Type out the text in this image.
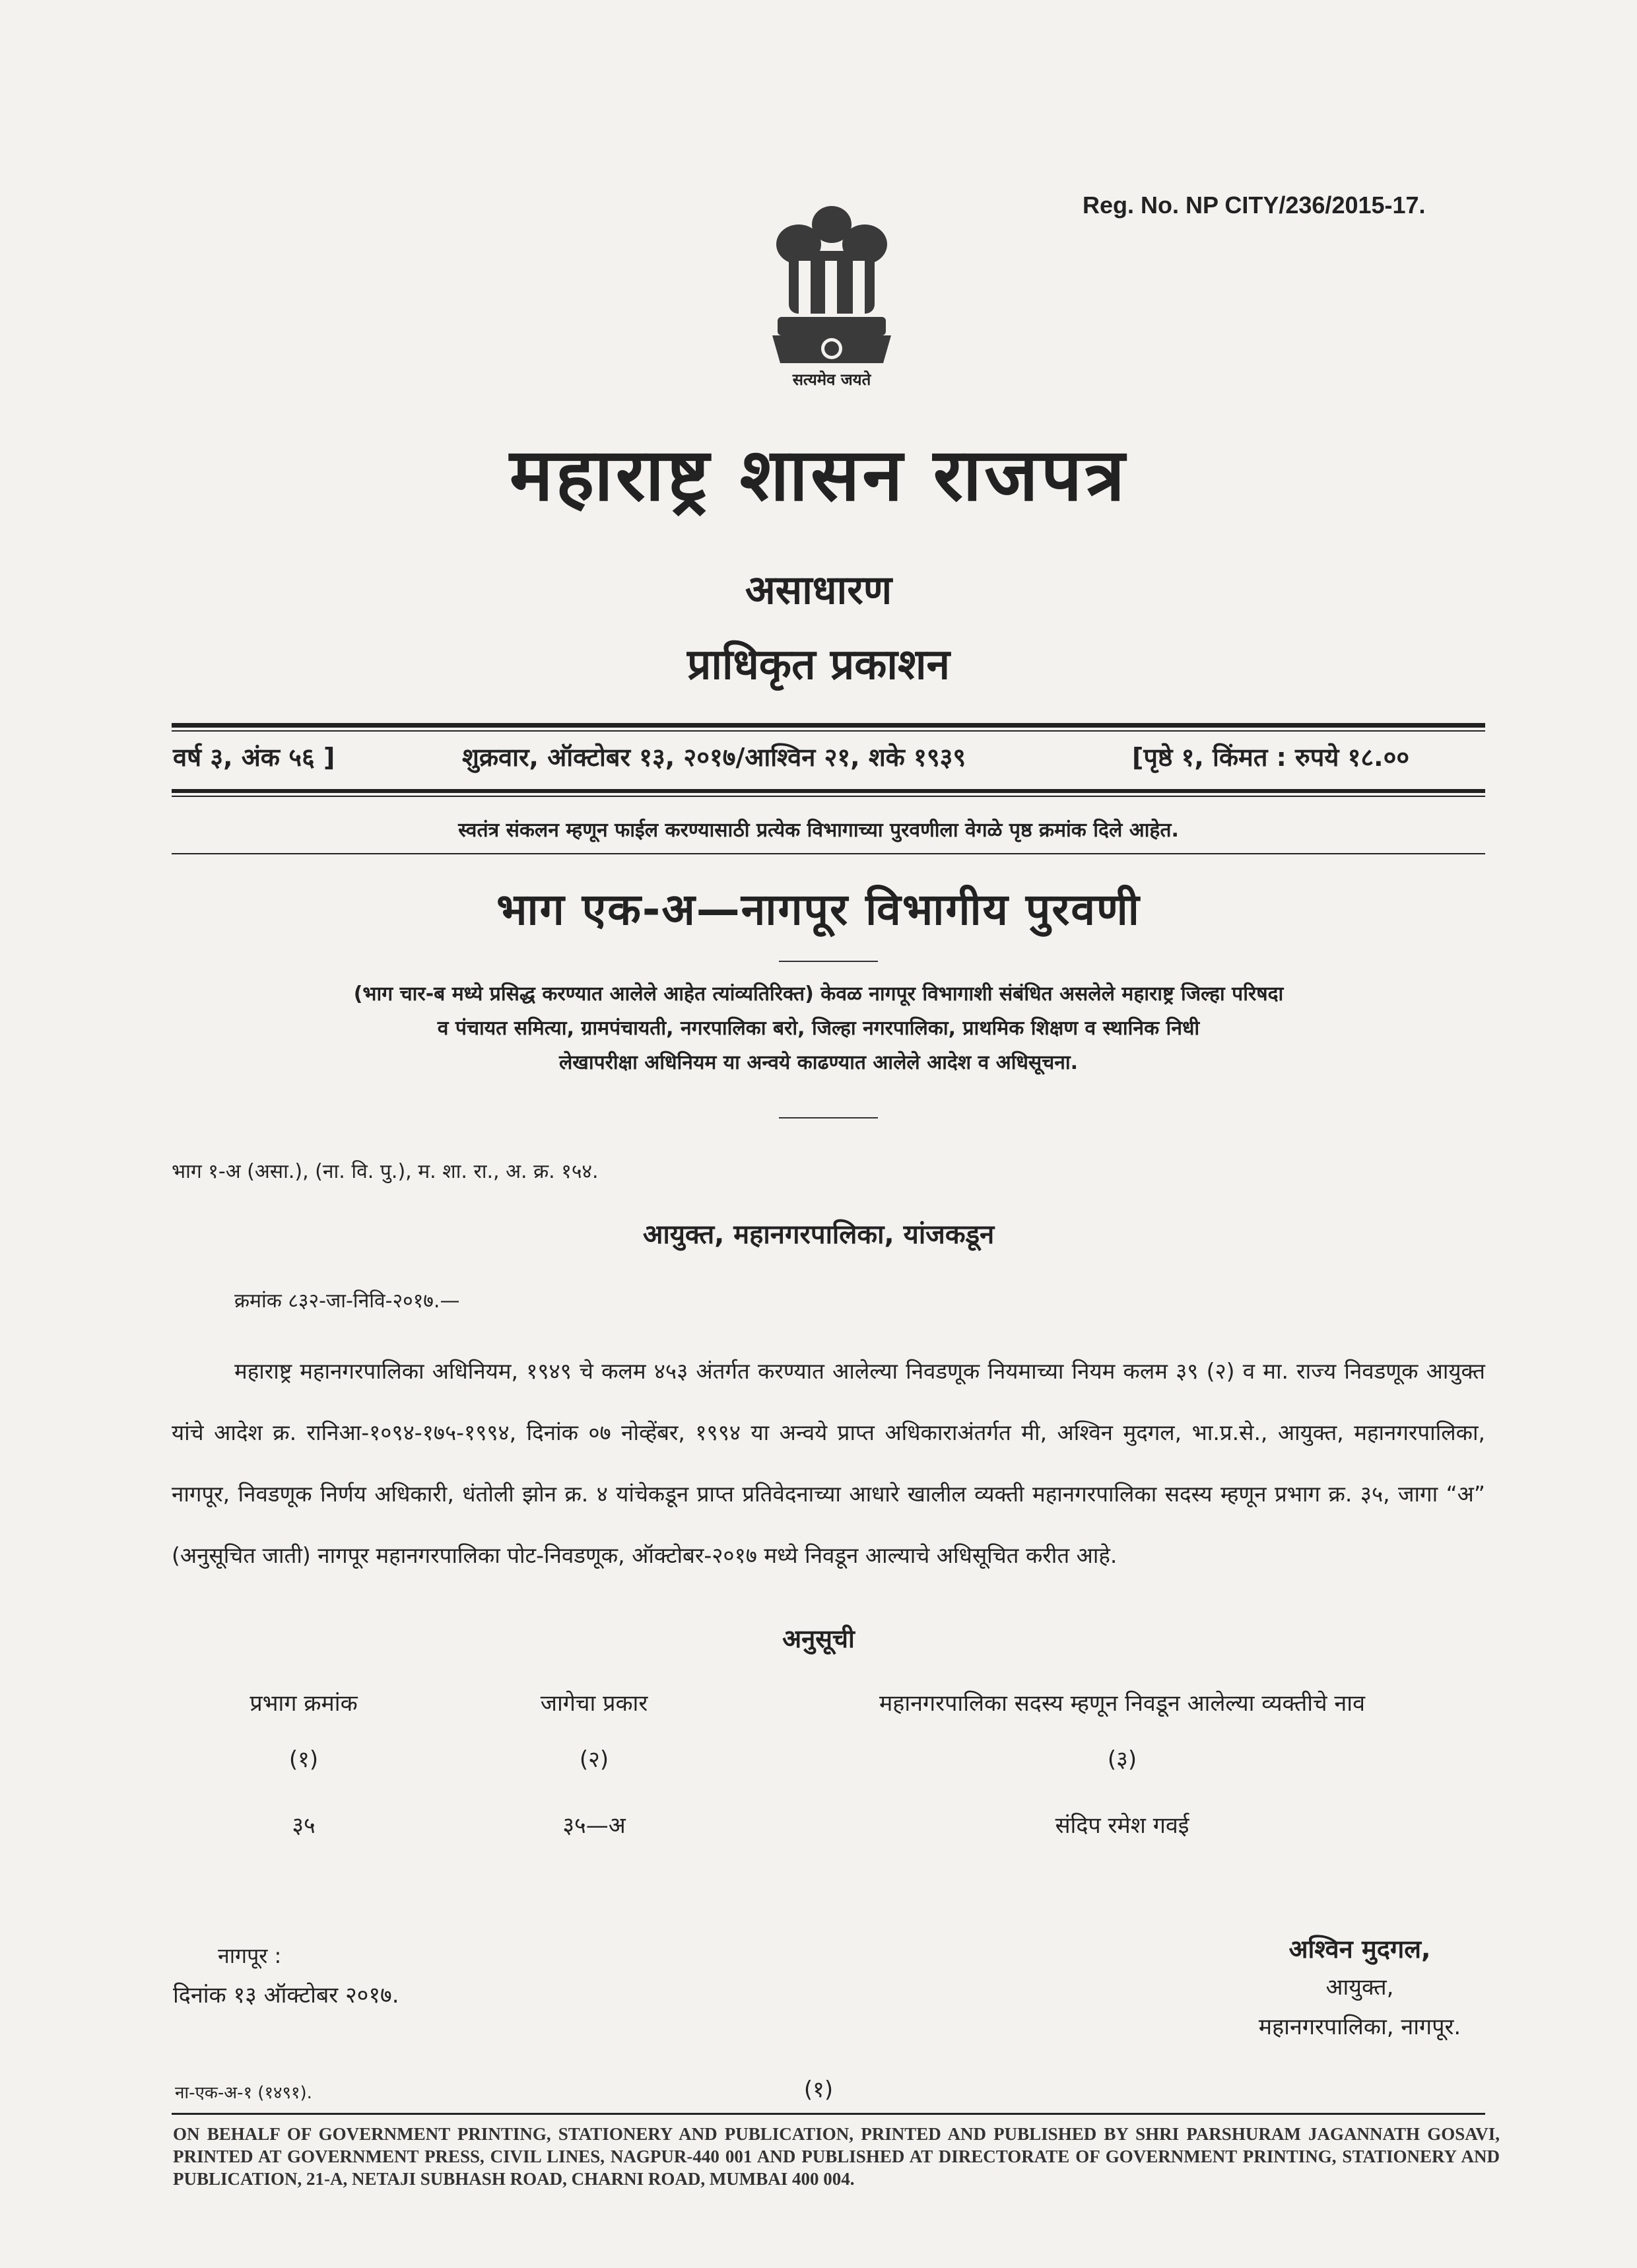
Reg. No. NP CITY/236/2015-17.
सत्यमेव जयते
महाराष्ट्र शासन राजपत्र
असाधारण
प्राधिकृत प्रकाशन
वर्ष ३, अंक ५६ ]	शुक्रवार, ऑक्टोबर १३, २०१७/आश्विन २१, शके १९३९	[पृष्ठे १, किंमत : रुपये १८.००
स्वतंत्र संकलन म्हणून फाईल करण्यासाठी प्रत्येक विभागाच्या पुरवणीला वेगळे पृष्ठ क्रमांक दिले आहेत.
भाग एक-अ—नागपूर विभागीय पुरवणी
(भाग चार-ब मध्ये प्रसिद्ध करण्यात आलेले आहेत त्यांव्यतिरिक्त) केवळ नागपूर विभागाशी संबंधित असलेले महाराष्ट्र जिल्हा परिषदा
व पंचायत समित्या, ग्रामपंचायती, नगरपालिका बरो, जिल्हा नगरपालिका, प्राथमिक शिक्षण व स्थानिक निधी
लेखापरीक्षा अधिनियम या अन्वये काढण्यात आलेले आदेश व अधिसूचना.
भाग १-अ (असा.), (ना. वि. पु.), म. शा. रा., अ. क्र. १५४.
आयुक्त, महानगरपालिका, यांजकडून
क्रमांक ८३२-जा-निवि-२०१७.—
महाराष्ट्र महानगरपालिका अधिनियम, १९४९ चे कलम ४५३ अंतर्गत करण्यात आलेल्या निवडणूक नियमाच्या नियम कलम ३९ (२) व मा. राज्य निवडणूक आयुक्त यांचे आदेश क्र. रानिआ-१०९४-१७५-१९९४, दिनांक ०७ नोव्हेंबर, १९९४ या अन्वये प्राप्त अधिकाराअंतर्गत मी, अश्विन मुदगल, भा.प्र.से., आयुक्त, महानगरपालिका, नागपूर, निवडणूक निर्णय अधिकारी, धंतोली झोन क्र. ४ यांचेकडून प्राप्त प्रतिवेदनाच्या आधारे खालील व्यक्ती महानगरपालिका सदस्य म्हणून प्रभाग क्र. ३५, जागा “अ” (अनुसूचित जाती) नागपूर महानगरपालिका पोट-निवडणूक, ऑक्टोबर-२०१७ मध्ये निवडून आल्याचे अधिसूचित करीत आहे.
अनुसूची
प्रभाग क्रमांक	जागेचा प्रकार	महानगरपालिका सदस्य म्हणून निवडून आलेल्या व्यक्तीचे नाव
(१)	(२)	(३)
३५	३५—अ	संदिप रमेश गवई
नागपूर :
दिनांक १३ ऑक्टोबर २०१७.
अश्विन मुदगल,
आयुक्त,
महानगरपालिका, नागपूर.
ना-एक-अ-१ (१४९१).	(१)
ON BEHALF OF GOVERNMENT PRINTING, STATIONERY AND PUBLICATION, PRINTED AND PUBLISHED BY SHRI PARSHURAM JAGANNATH GOSAVI, PRINTED AT GOVERNMENT PRESS, CIVIL LINES, NAGPUR-440 001 AND PUBLISHED AT DIRECTORATE OF GOVERNMENT PRINTING, STATIONERY AND PUBLICATION, 21-A, NETAJI SUBHASH ROAD, CHARNI ROAD, MUMBAI 400 004.
